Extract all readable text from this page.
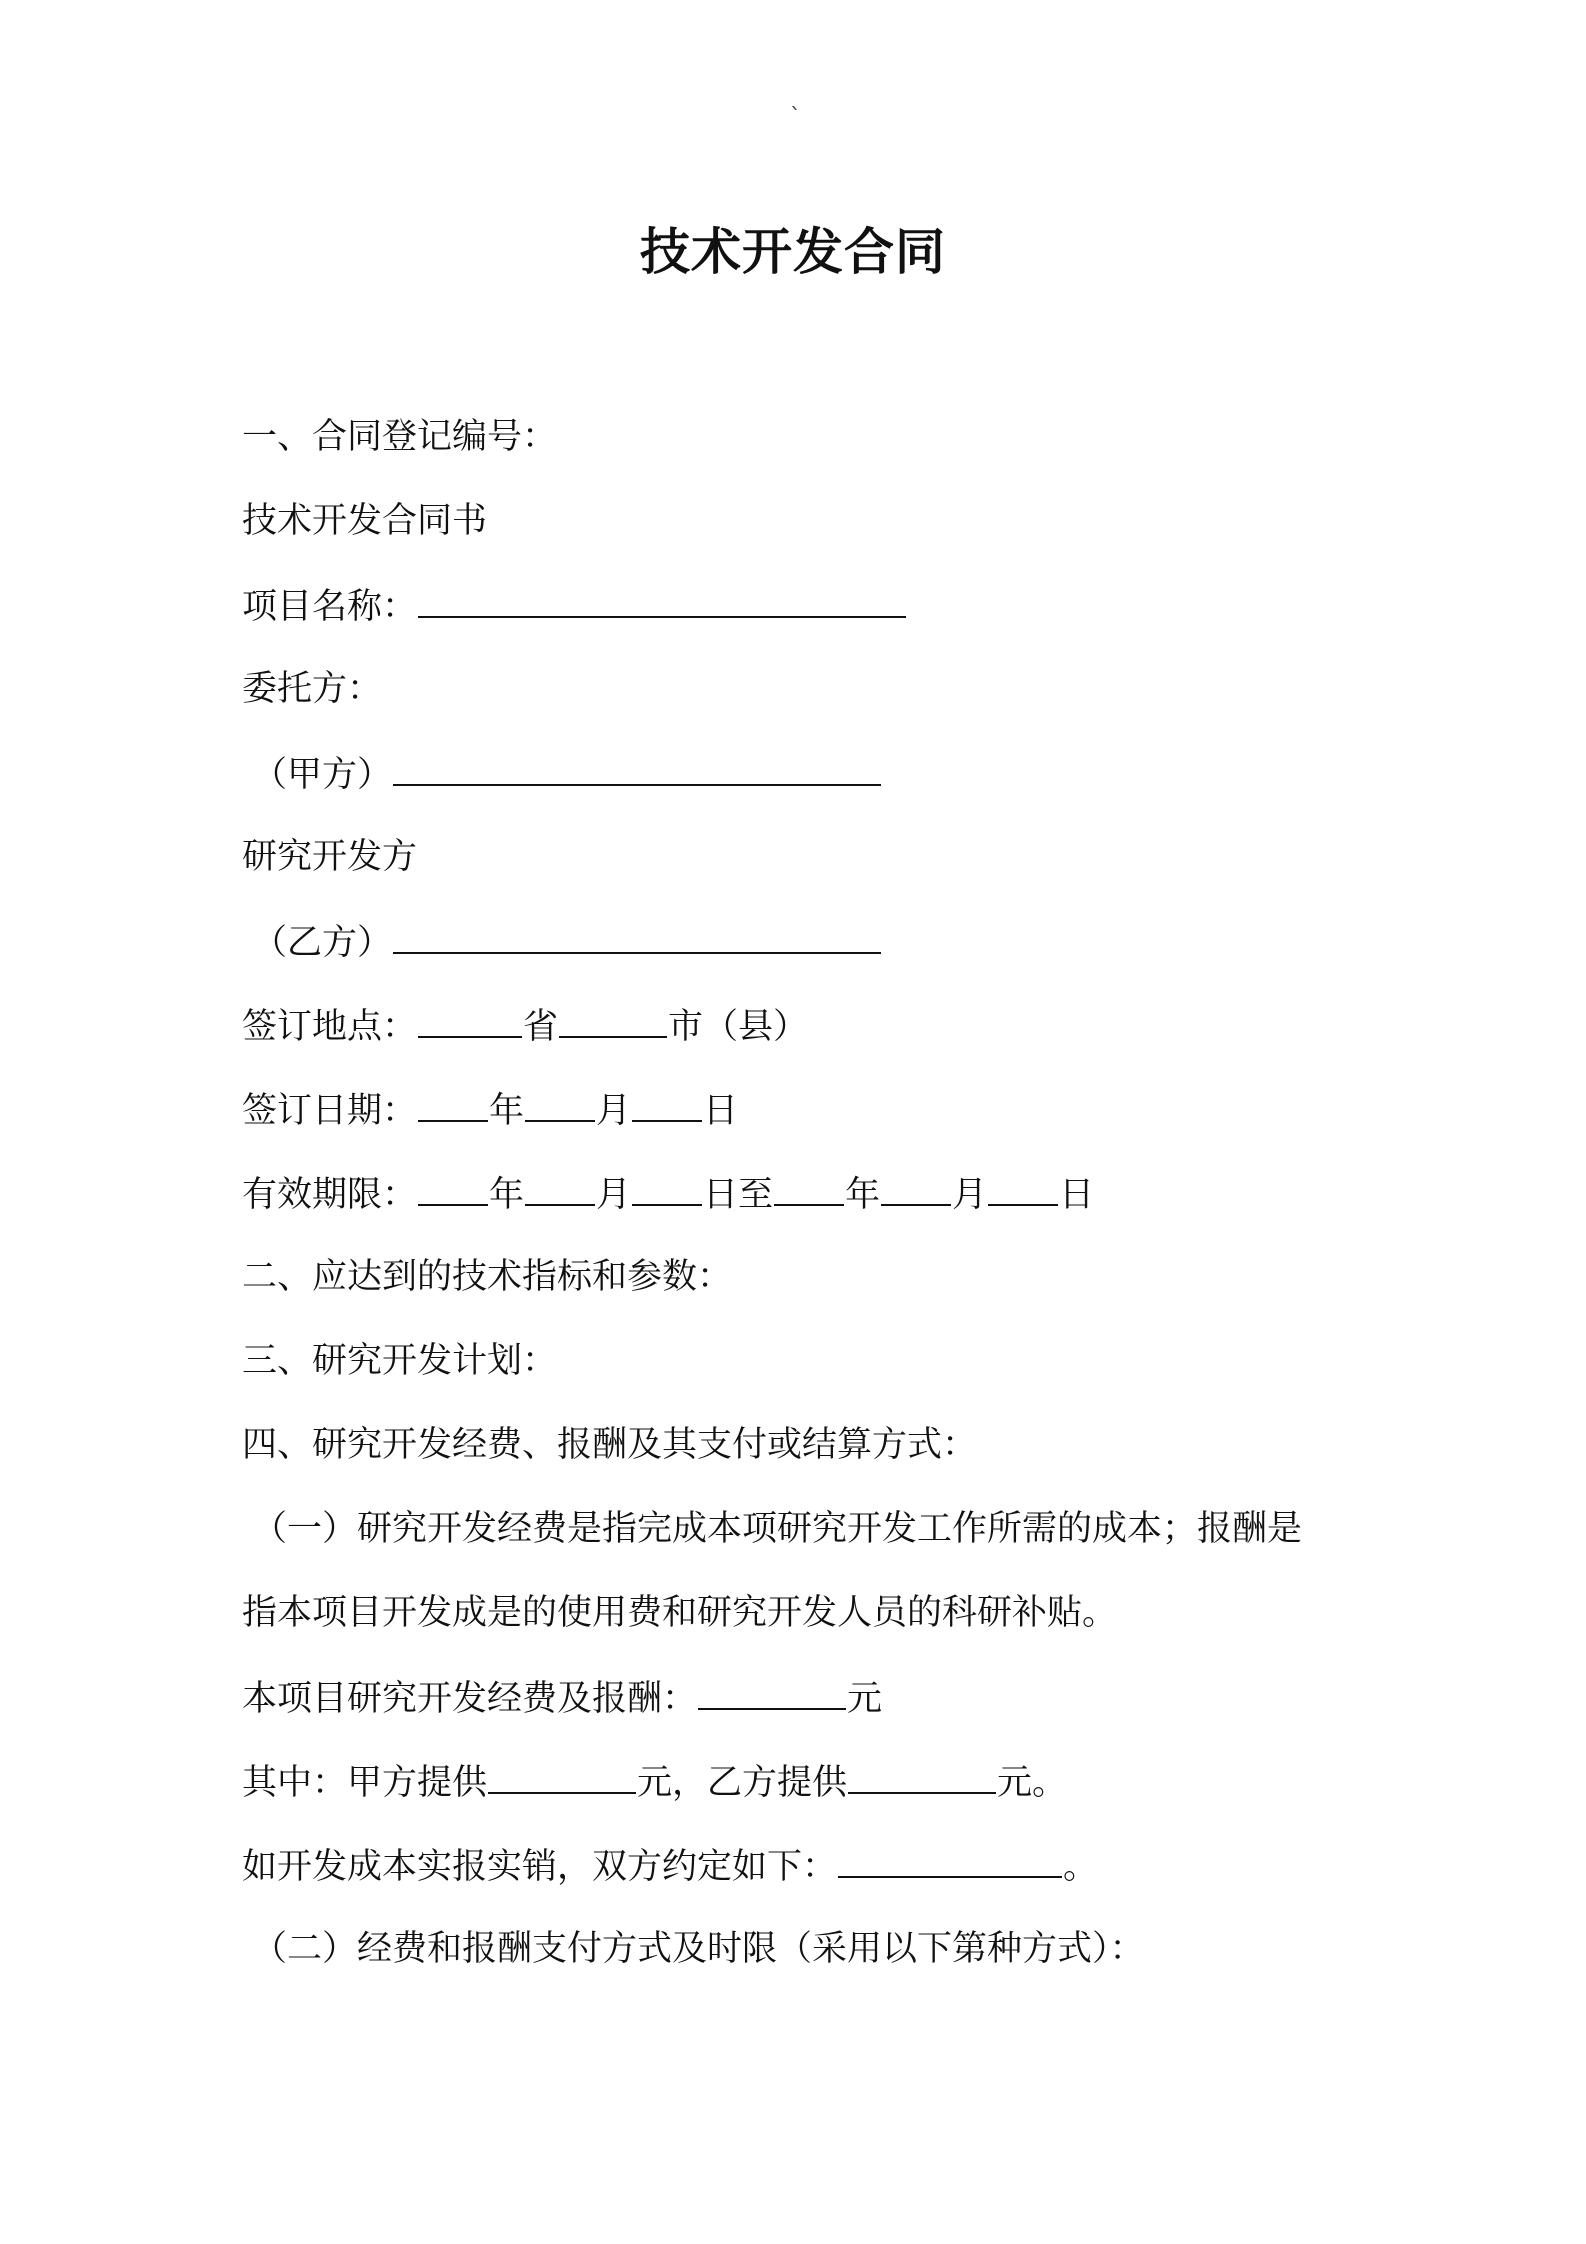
`
技术开发合同
一、合同登记编号：
技术开发合同书
项目名称：
委托方：
（甲方）
研究开发方
（乙方）
签订地点：	省	市（县）
签订日期： 年 月 日
有效期限： 年 月 日至 年 月 日
二、应达到的技术指标和参数：
三、研究开发计划：
四、研究开发经费、报酬及其支付或结算方式：
（一）研究开发经费是指完成本项研究开发工作所需的成本；报酬是
指本项目开发成是的使用费和研究开发人员的科研补贴。
本项目研究开发经费及报酬：	元
其中：甲方提供	元，乙方提供	元。
如开发成本实报实销，双方约定如下：	。
（二）经费和报酬支付方式及时限（采用以下第种方式）：
